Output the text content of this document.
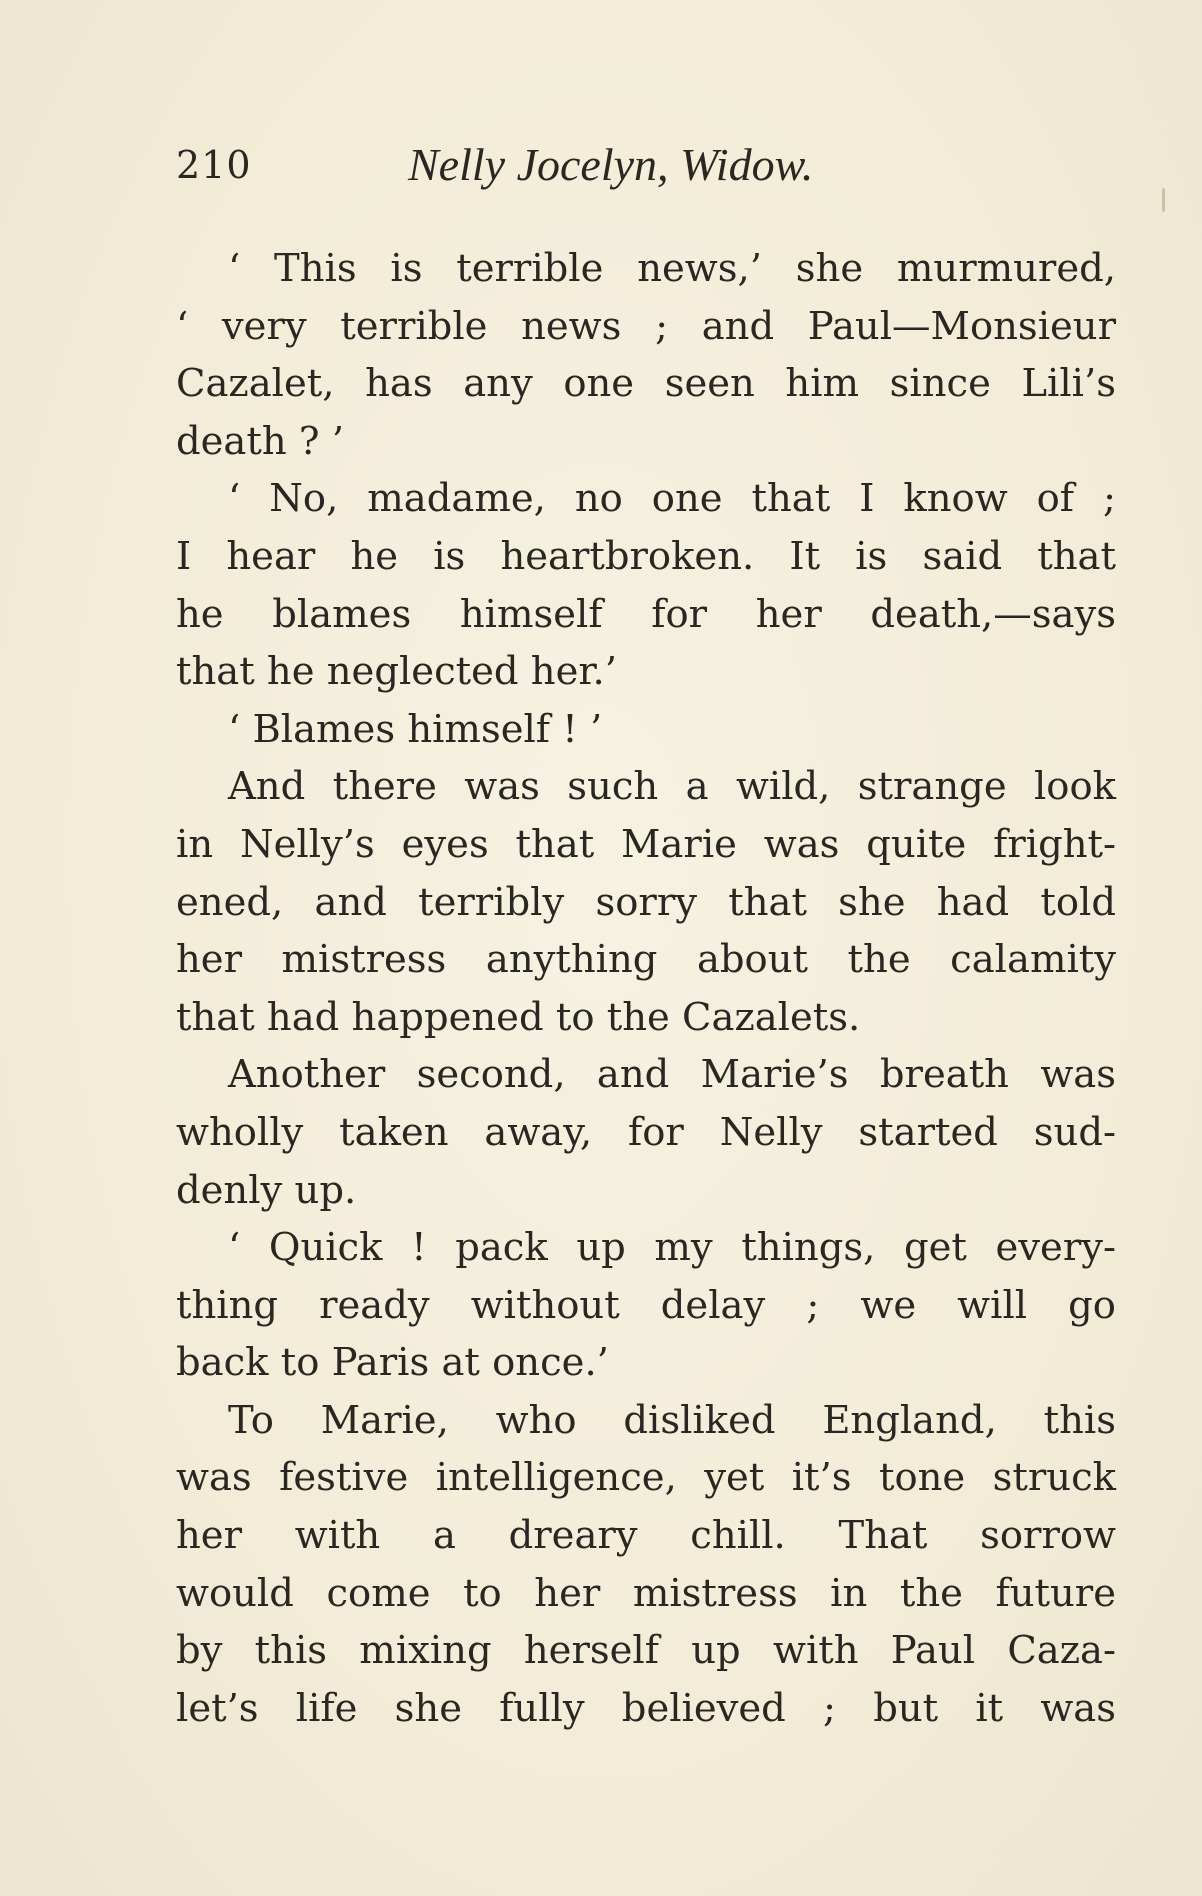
210	Nelly Jocelyn, Widow.
‘ This is terrible news,’ she murmured,
‘ very terrible news ; and Paul—Monsieur
Cazalet, has any one seen him since Lili’s
death ? ’
‘ No, madame, no one that I know of ;
I hear he is heartbroken. It is said that
he blames himself for her death,—says
that he neglected her.’
‘ Blames himself ! ’
And there was such a wild, strange look
in Nelly’s eyes that Marie was quite fright-
ened, and terribly sorry that she had told
her mistress anything about the calamity
that had happened to the Cazalets.
Another second, and Marie’s breath was
wholly taken away, for Nelly started sud-
denly up.
‘ Quick ! pack up my things, get every-
thing ready without delay ; we will go
back to Paris at once.’
To Marie, who disliked England, this
was festive intelligence, yet it’s tone struck
her with a dreary chill. That sorrow
would come to her mistress in the future
by this mixing herself up with Paul Caza-
let’s life she fully believed ; but it was
